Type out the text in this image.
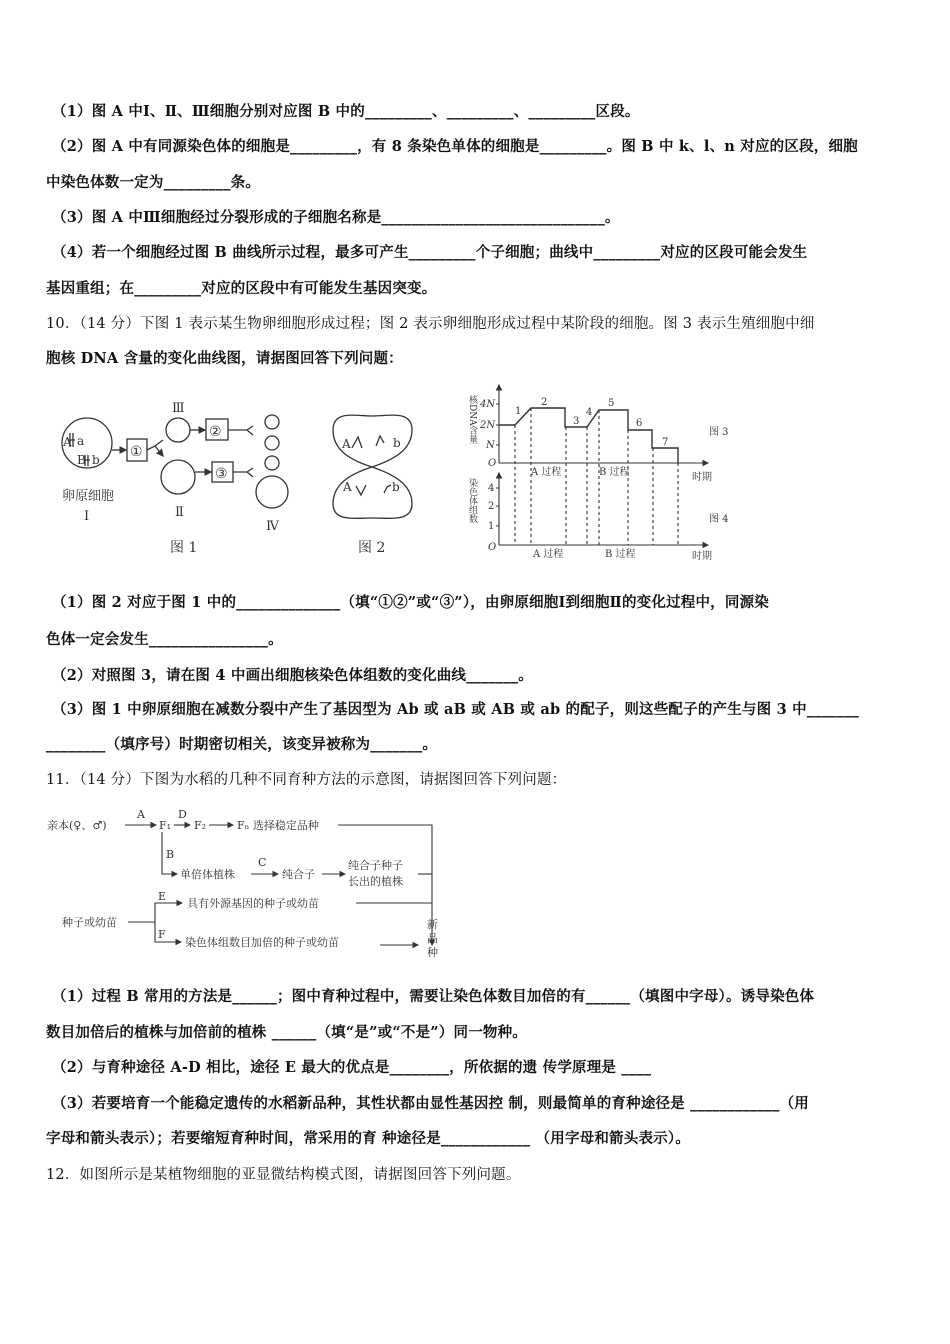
（1）图 A 中Ⅰ、Ⅱ、Ⅲ细胞分别对应图 B 中的_________、_________、_________区段。
（2）图 A 中有同源染色体的细胞是_________，有 8 条染色单体的细胞是_________。图 B 中 k、l、n 对应的区段，细胞
中染色体数一定为_________条。
（3）图 A 中Ⅲ细胞经过分裂形成的子细胞名称是______________________________。
（4）若一个细胞经过图 B 曲线所示过程，最多可产生_________个子细胞；曲线中_________对应的区段可能会发生
基因重组；在_________对应的区段中有可能发生基因突变。
10．（14 分）下图 1 表示某生物卵细胞形成过程；图 2 表示卵细胞形成过程中某阶段的细胞。图 3 表示生殖细胞中细
胞核 DNA 含量的变化曲线图，请据图回答下列问题：
A a
B b
卵原细胞
Ⅰ
①
②
③
Ⅲ
Ⅱ
Ⅳ
图 1
A	b
A	b
图 2
4N
2N
N
O
4
2
1
O
核DNA含量
染色体组数
1
2
3
4
5
6
7
A 过程	B 过程
A 过程	B 过程
时期
时期
图 3
图 4
亲本(♀、♂)
A
F₁
D
F₂	Fₙ 选择稳定品种
B
单倍体植株
C
纯合子
纯合子种子
长出的植株
种子或幼苗
E
具有外源基因的种子或幼苗
F
染色体组数目加倍的种子或幼苗
新
品
种
（1）图 2 对应于图 1 中的______________（填“①②”或“③”），由卵原细胞Ⅰ到细胞Ⅱ的变化过程中，同源染
色体一定会发生________________。
（2）对照图 3，请在图 4 中画出细胞核染色体组数的变化曲线_______。
（3）图 1 中卵原细胞在减数分裂中产生了基因型为 Ab 或 aB 或 AB 或 ab 的配子，则这些配子的产生与图 3 中_______
________（填序号）时期密切相关，该变异被称为_______。
11．（14 分）下图为水稻的几种不同育种方法的示意图，请据图回答下列问题：
（1）过程 B 常用的方法是______；图中育种过程中，需要让染色体数目加倍的有______（填图中字母）。诱导染色体
数目加倍后的植株与加倍前的植株 ______（填“是”或“不是”）同一物种。
（2）与育种途径 A-D 相比，途径 E 最大的优点是________，所依据的遗 传学原理是 ____
（3）若要培育一个能稳定遗传的水稻新品种，其性状都由显性基因控 制，则最简单的育种途径是 ____________（用
字母和箭头表示）；若要缩短育种时间，常采用的育 种途径是____________ （用字母和箭头表示）。
12．如图所示是某植物细胞的亚显微结构模式图，请据图回答下列问题。
